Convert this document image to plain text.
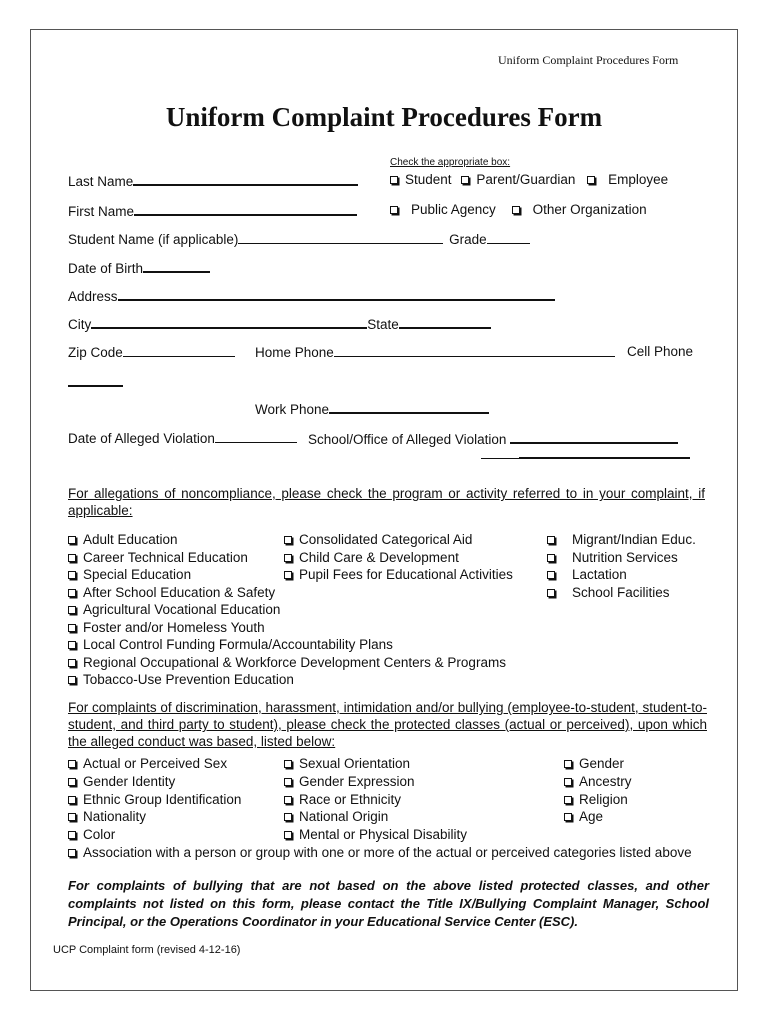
Uniform Complaint Procedures Form
Uniform Complaint Procedures Form
Check the appropriate box:
Last Name	Student Parent/Guardian Employee
First Name	Public Agency	Other Organization
Student Name (if applicable)	Grade
Date of Birth
Address
City	State
Zip Code	Home Phone	Cell Phone
Work Phone
Date of Alleged Violation	School/Office of Alleged Violation
For allegations of noncompliance, please check the program or activity referred to in your complaint, if applicable:
Adult Education
Career Technical Education
Special Education
After School Education & Safety
Agricultural Vocational Education
Foster and/or Homeless Youth
Local Control Funding Formula/Accountability Plans
Regional Occupational & Workforce Development Centers & Programs
Tobacco-Use Prevention Education
Consolidated Categorical Aid
Child Care & Development
Pupil Fees for Educational Activities
Migrant/Indian Educ.
Nutrition Services
Lactation
School Facilities
For complaints of discrimination, harassment, intimidation and/or bullying (employee-to-student, student-to-student, and third party to student), please check the protected classes (actual or perceived), upon which the alleged conduct was based, listed below:
Actual or Perceived Sex
Gender Identity
Ethnic Group Identification
Nationality
Color
Association with a person or group with one or more of the actual or perceived categories listed above
Sexual Orientation
Gender Expression
Race or Ethnicity
National Origin
Mental or Physical Disability
Gender
Ancestry
Religion
Age
For complaints of bullying that are not based on the above listed protected classes, and other complaints not listed on this form, please contact the Title IX/Bullying Complaint Manager, School Principal, or the Operations Coordinator in your Educational Service Center (ESC).
UCP Complaint form (revised 4-12-16)
